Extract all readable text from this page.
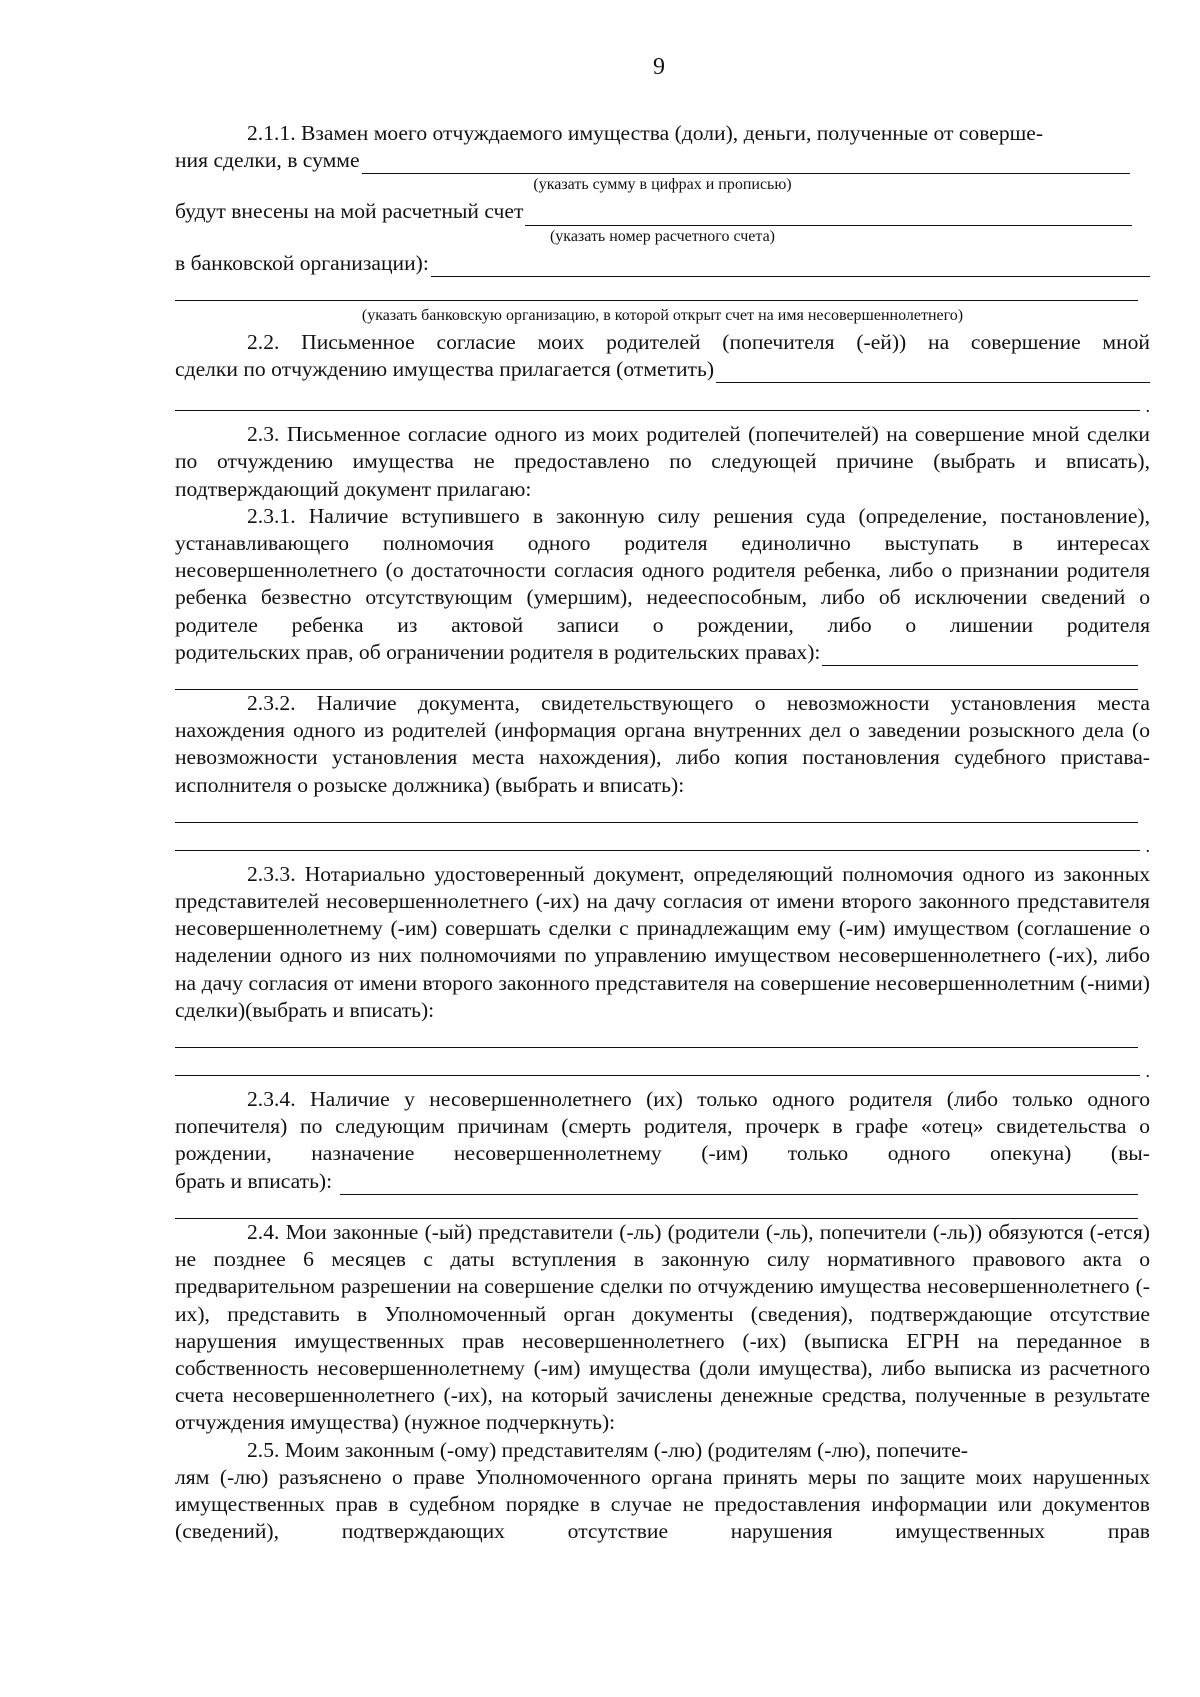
9

2.1.1. Взамен моего отчуждаемого имущества (доли), деньги, полученные от соверше-

ния сделки, в сумме
(указать сумму в цифрах и прописью)
будут внесены на мой расчетный счет
(указать номер расчетного счета)
в банковской организации):
(указать банковскую организацию, в которой открыт счет на имя несовершеннолетнего)

2.2. Письменное согласие моих родителей (попечителя (-ей)) на совершение мной

сделки по отчуждению имущества прилагается (отметить)
.

2.3. Письменное согласие одного из моих родителей (попечителей) на совершение мной сделки по отчуждению имущества не предоставлено по следующей причине (выбрать и вписать), подтверждающий документ прилагаю:

2.3.1. Наличие вступившего в законную силу решения суда (определение, постановление), устанавливающего полномочия одного родителя единолично выступать в интересах несовершеннолетнего (о достаточности согласия одного родителя ребенка, либо о признании родителя ребенка безвестно отсутствующим (умершим), недееспособным, либо об исключении сведений о родителе ребенка из актовой записи о рождении, либо о лишении родителя

родительских прав, об ограничении родителя в родительских правах):

2.3.2. Наличие документа, свидетельствующего о невозможности установления места нахождения одного из родителей (информация органа внутренних дел о заведении розыскного дела (о невозможности установления места нахождения), либо копия постановления судебного пристава-исполнителя о розыске должника) (выбрать и вписать):

.

2.3.3. Нотариально удостоверенный документ, определяющий полномочия одного из законных представителей несовершеннолетнего (-их) на дачу согласия от имени второго законного представителя несовершеннолетнему (-им) совершать сделки с принадлежащим ему (-им) имуществом (соглашение о наделении одного из них полномочиями по управлению имуществом несовершеннолетнего (-их), либо на дачу согласия от имени второго законного представителя на совершение несовершеннолетним (-ними) сделки)(выбрать и вписать):

.

2.3.4. Наличие у несовершеннолетнего (их) только одного родителя (либо только одного попечителя) по следующим причинам (смерть родителя, прочерк в графе «отец» свидетельства о рождении, назначение несовершеннолетнему (-им) только одного опекуна) (вы-

брать и вписать):

2.4. Мои законные (-ый) представители (-ль) (родители (-ль), попечители (-ль)) обязуются (-ется) не позднее 6 месяцев с даты вступления в законную силу нормативного правового акта о предварительном разрешении на совершение сделки по отчуждению имущества несовершеннолетнего (-их), представить в Уполномоченный орган документы (сведения), подтверждающие отсутствие нарушения имущественных прав несовершеннолетнего (-их) (выписка ЕГРН на переданное в собственность несовершеннолетнему (-им) имущества (доли имущества), либо выписка из расчетного счета несовершеннолетнего (-их), на который зачислены денежные средства, полученные в результате отчуждения имущества) (нужное подчеркнуть):

2.5. Моим законным (-ому) представителям (-лю) (родителям (-лю), попечите-

лям (-лю) разъяснено о праве Уполномоченного органа принять меры по защите моих нарушенных имущественных прав в судебном порядке в случае не предоставления информации или документов (сведений), подтверждающих отсутствие нарушения имущественных прав
